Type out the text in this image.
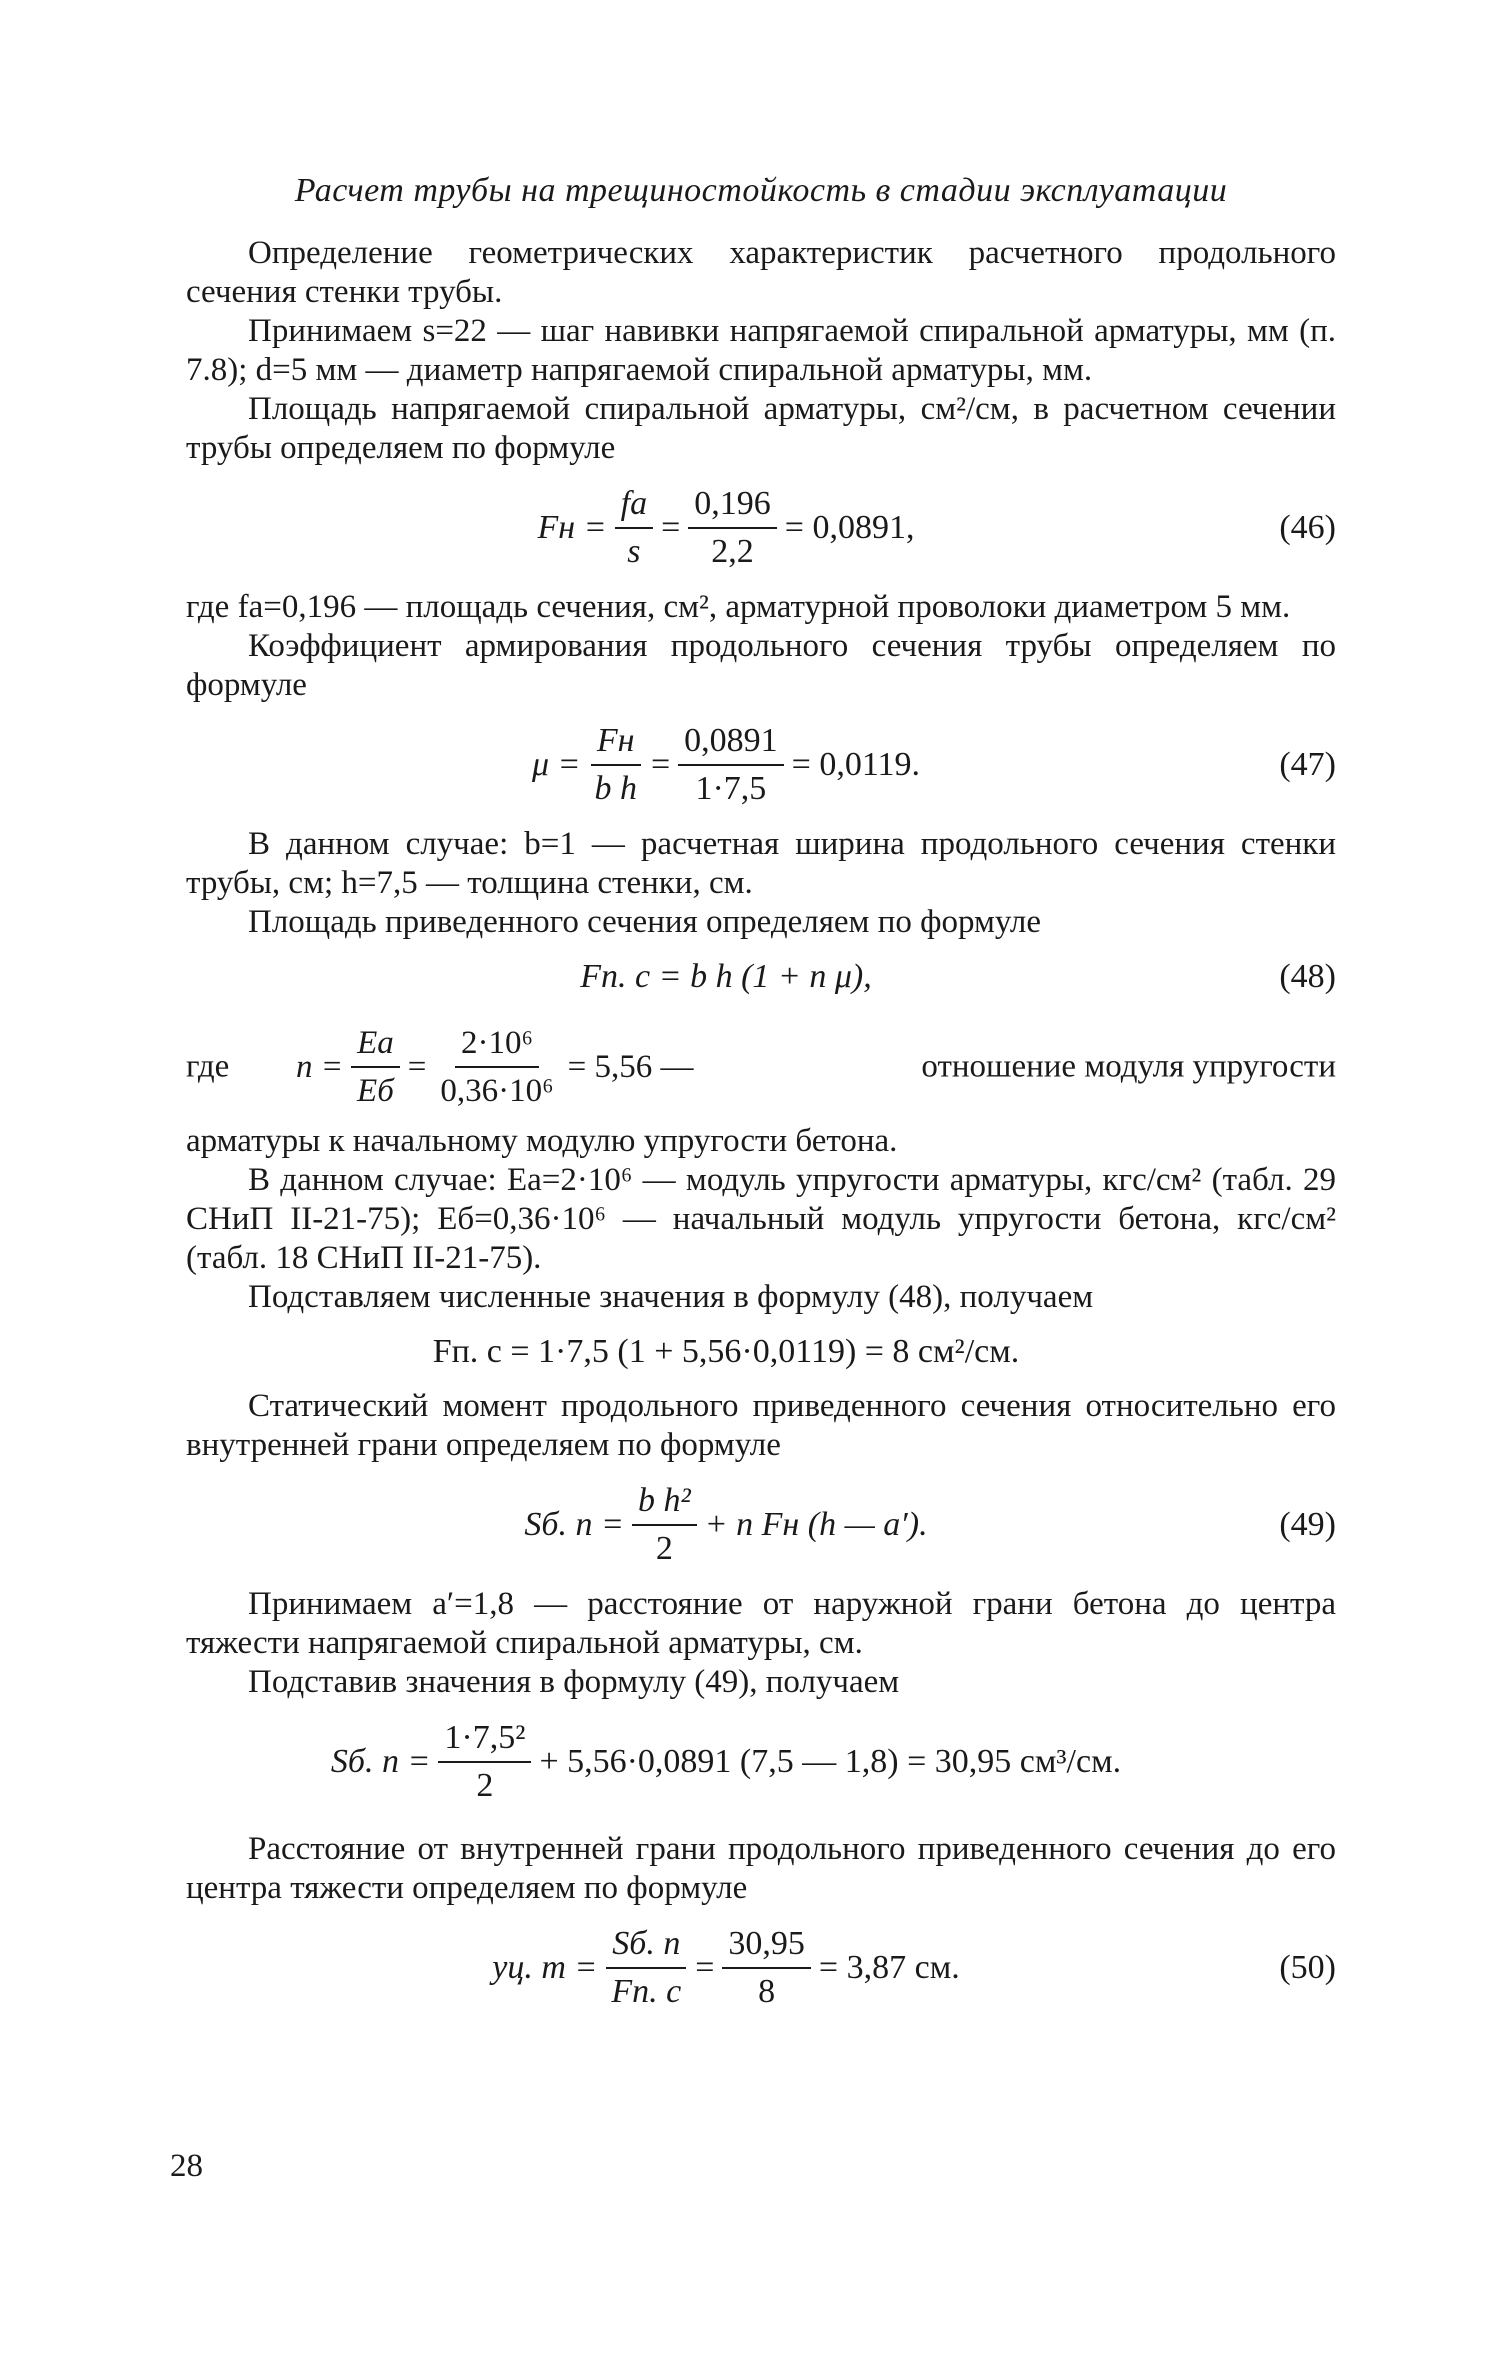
Расчет трубы на трещиностойкость в стадии эксплуатации

Определение геометрических характеристик расчетного продольного сечения стенки трубы.

Принимаем s=22 — шаг навивки напрягаемой спиральной арматуры, мм (п. 7.8); d=5 мм — диаметр напрягаемой спиральной арматуры, мм.

Площадь напрягаемой спиральной арматуры, см²/см, в расчетном сечении трубы определяем по формуле

Fн = $\frac{fа}{s} = \frac{0,196}{2,2} = 0,0891$,	(46)

где fа=0,196 — площадь сечения, см², арматурной проволоки диаметром 5 мм.

Коэффициент армирования продольного сечения трубы определяем по формуле

$\mu = \frac{Fн}{\text{b h}} = \frac{0,0891}{1\cdot 7,5} = 0,0119$.	(47)

В данном случае: b=1 — расчетная ширина продольного сечения стенки трубы, см; h=7,5 — толщина стенки, см.

Площадь приведенного сечения определяем по формуле

Fп. с = b h (1 + n μ),	(48)
где $n = \frac{Eа}{Eб} = \frac{\text{2·10⁶}}{\text{0,36·10⁶}} = 5,56$ —	отношение модуля упругости

арматуры к начальному модулю упругости бетона.

В данном случае: Eа=2·10⁶ — модуль упругости арматуры, кгс/см² (табл. 29 СНиП II-21-75); Eб=0,36·10⁶ — начальный модуль упругости бетона, кгс/см² (табл. 18 СНиП II-21-75).

Подставляем численные значения в формулу (48), получаем

Fп. с = 1·7,5 (1 + 5,56·0,0119) = 8 см²/см.

Статический момент продольного приведенного сечения относительно его внутренней грани определяем по формуле

Sб. $п = \frac{\text{b h²}}{2} + n$ Fн (h — a′).	(49)

Принимаем a′=1,8 — расстояние от наружной грани бетона до центра тяжести напрягаемой спиральной арматуры, см.

Подставив значения в формулу (49), получаем

Sб. $п = \frac{\text{1·7,5²}}{2} + 5,56\cdot 0,0891$ (7,5 — 1,8) = 30,95 см³/см.

Расстояние от внутренней грани продольного приведенного сечения до его центра тяжести определяем по формуле

yц. $т = \frac{Sб. п}{Fп. с} = \frac{30,95}{8} = 3,87$ см.	(50)
28
